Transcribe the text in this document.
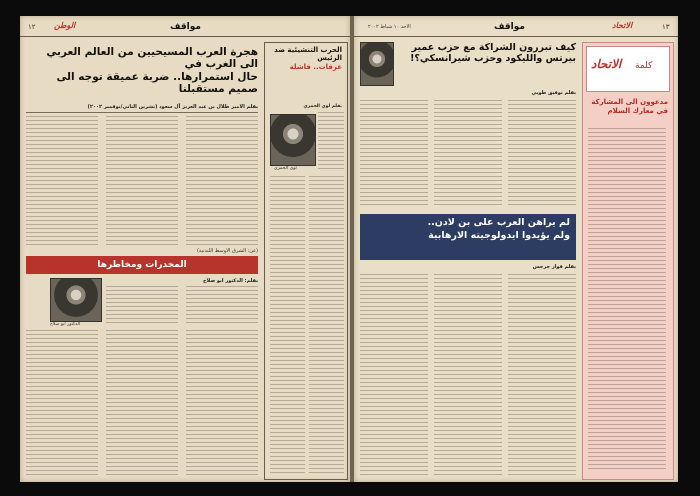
١٢ الوطن	مواقف
هجرة العرب المسيحيين من العالم العربي الى الغرب في
حال استمرارها.. ضربة عميقة توجه الى صميم مستقبلنا
بقلم الامير طلال بن عبد العزيز آل سعود (تشرين الثاني/نوفمبر ٢٠٠٢)
(عن: الشرق الاوسط اللندنية)
الحرب التنشيئية ضد الرئيس
عرفات.. فاشلة
لوي الحمزي
بقلم لوي الحمزي
المخدرات ومخاطرها
الدكتور ابو صلاح
بقلم: الدكتور ابو صلاح
الاحد ١٠ شباط ٢٠٠٢	مواقف	الاتحاد	١٣
كيف تبررون الشراكة مع حزب عمير
بيرتس والليكود وحزب شيرانسكي؟!
بقلم توفيق طوبي
لم يراهن العرب على بن لادن..
ولم يؤيدوا ايدولوجيته الارهابية
بقلم فواز جرجس
الاتحاد كلمة
مدعوون الى المشاركة
في معارك السلام
